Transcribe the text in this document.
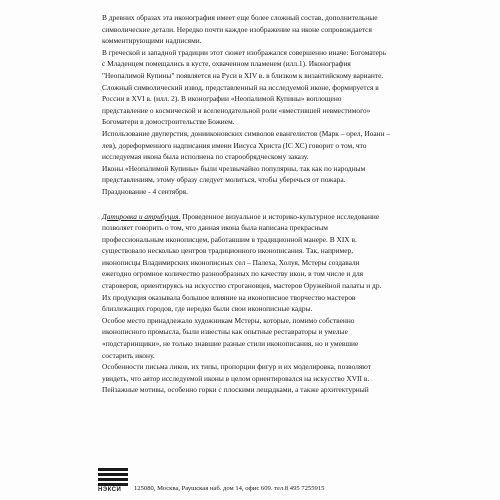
В древних образах эта иконография имеет еще более сложный состав, дополнительные
символические детали. Нередко почти каждое изображение на иконе сопровождается
комментирующими надписями.
В греческой и западной традиции этот сюжет изображался совершенно иначе: Богоматерь
с Младенцем помещались в кусте, охваченном пламенем (илл.1). Иконография
"Неопалимой Купины" появляется на Руси в XIV в. в близком к византийскому варианте.
Сложный символический извод, представленный на исследуемой иконе, формируется в
России в XVI в. (илл. 2). В иконографии «Неопалимой Купины» воплощено
представление о космической и вселенодательной роли «вместившей невместимого»
Богоматери в домостроительстве Божием.
Использование двуперстия, донииконовских символов евангелистов (Марк – орел, Иоанн –
лев), дореформенного надписания имени Иисуса Христа (IС ХС) говорит о том, что
исследуемая икона была исполнена по старообрядческому заказу.
Иконы «Неопалимой Купины» были чрезвычайно популярны, так как по народным
представлениям, этому образу следует молиться, чтобы уберечься от пожара.
Празднование - 4 сентября.
Датировка и атрибуция. Проведенное визуальное и историко-культурное исследование
позволяет говорить о том, что данная икона была написана прекрасным
профессиональным иконописцем, работавшим в традиционной манере. В XIX в.
существовало несколько центров традиционного иконописания. Так, например,
иконописцы Владимирских иконописных сел – Палеха, Холуя, Мстеры создавали
ежегодно огромное количество разнообразных по качеству икон, в том числе и для
староверов, ориентируясь на искусство строгановцев, мастеров Оружейной палаты и др.
Их продукция оказывала большое влияние на иконописное творчество мастеров
близлежащих городов, где нередко были свои иконописные кадры.
Особое место принадлежало художникам Мстеры, которые, помимо собственно
иконописного промысла, были известны как опытные реставраторы и умелые
«подстаринщики», не только знавшие разные стили иконописания, но и умевшие
состарить икону.
Особенности письма ликов, их типы, пропорции фигур и их моделировка, позволяют
увидеть, что автор исследуемой иконы в целом ориентировался на искусство XVII в.
Пейзажные мотивы, особенно горки с плоскими лещадками, а также архитектурный
НЭКСИ 125080, Москва, Раушская наб. дом 14, офис 609. тел.8 495 7255915
